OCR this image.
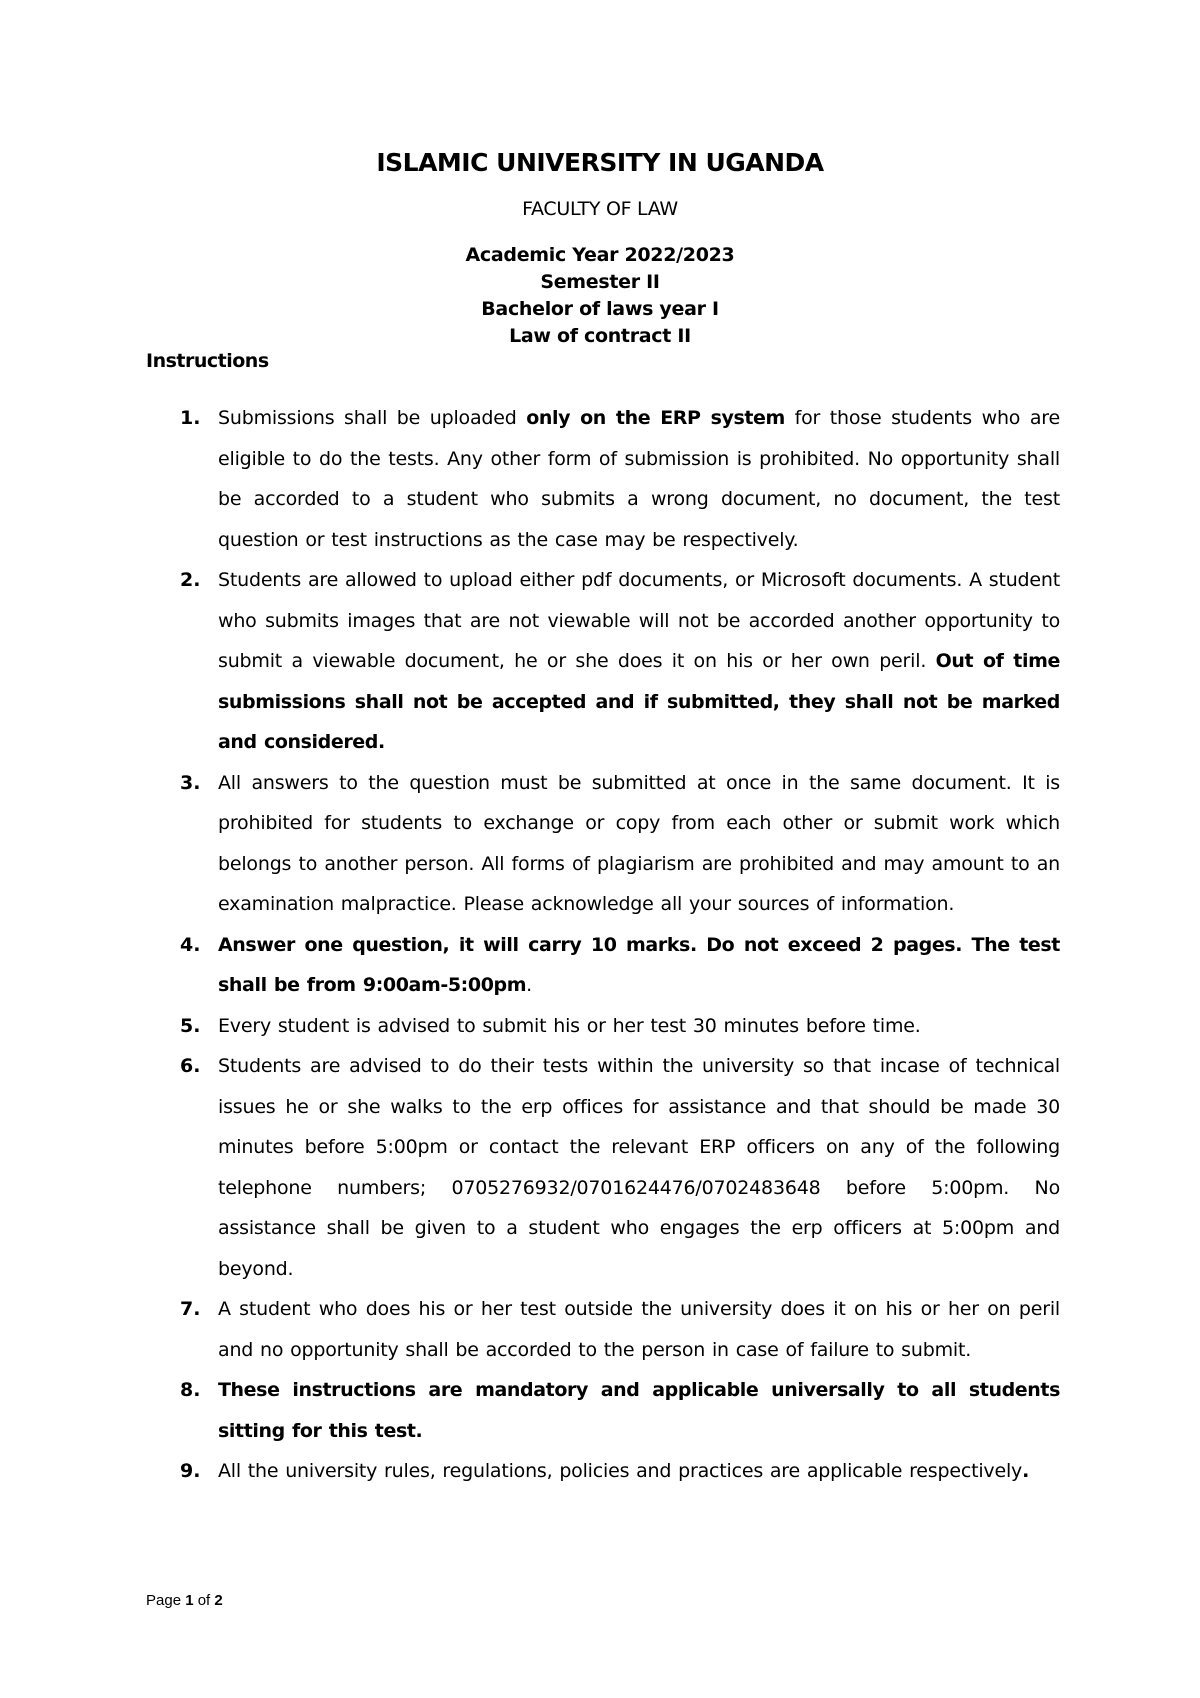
ISLAMIC UNIVERSITY IN UGANDA
FACULTY OF LAW
Academic Year 2022/2023
Semester II
Bachelor of laws year I
Law of contract II
Instructions
1. Submissions shall be uploaded only on the ERP system for those students who are eligible to do the tests. Any other form of submission is prohibited. No opportunity shall be accorded to a student who submits a wrong document, no document, the test question or test instructions as the case may be respectively.
2. Students are allowed to upload either pdf documents, or Microsoft documents. A student who submits images that are not viewable will not be accorded another opportunity to submit a viewable document, he or she does it on his or her own peril. Out of time submissions shall not be accepted and if submitted, they shall not be marked and considered.
3. All answers to the question must be submitted at once in the same document. It is prohibited for students to exchange or copy from each other or submit work which belongs to another person. All forms of plagiarism are prohibited and may amount to an examination malpractice. Please acknowledge all your sources of information.
4. Answer one question, it will carry 10 marks. Do not exceed 2 pages. The test shall be from 9:00am-5:00pm.
5. Every student is advised to submit his or her test 30 minutes before time.
6. Students are advised to do their tests within the university so that incase of technical issues he or she walks to the erp offices for assistance and that should be made 30 minutes before 5:00pm or contact the relevant ERP officers on any of the following telephone numbers; 0705276932/0701624476/0702483648 before 5:00pm. No assistance shall be given to a student who engages the erp officers at 5:00pm and beyond.
7. A student who does his or her test outside the university does it on his or her on peril and no opportunity shall be accorded to the person in case of failure to submit.
8. These instructions are mandatory and applicable universally to all students sitting for this test.
9. All the university rules, regulations, policies and practices are applicable respectively.
Page 1 of 2
